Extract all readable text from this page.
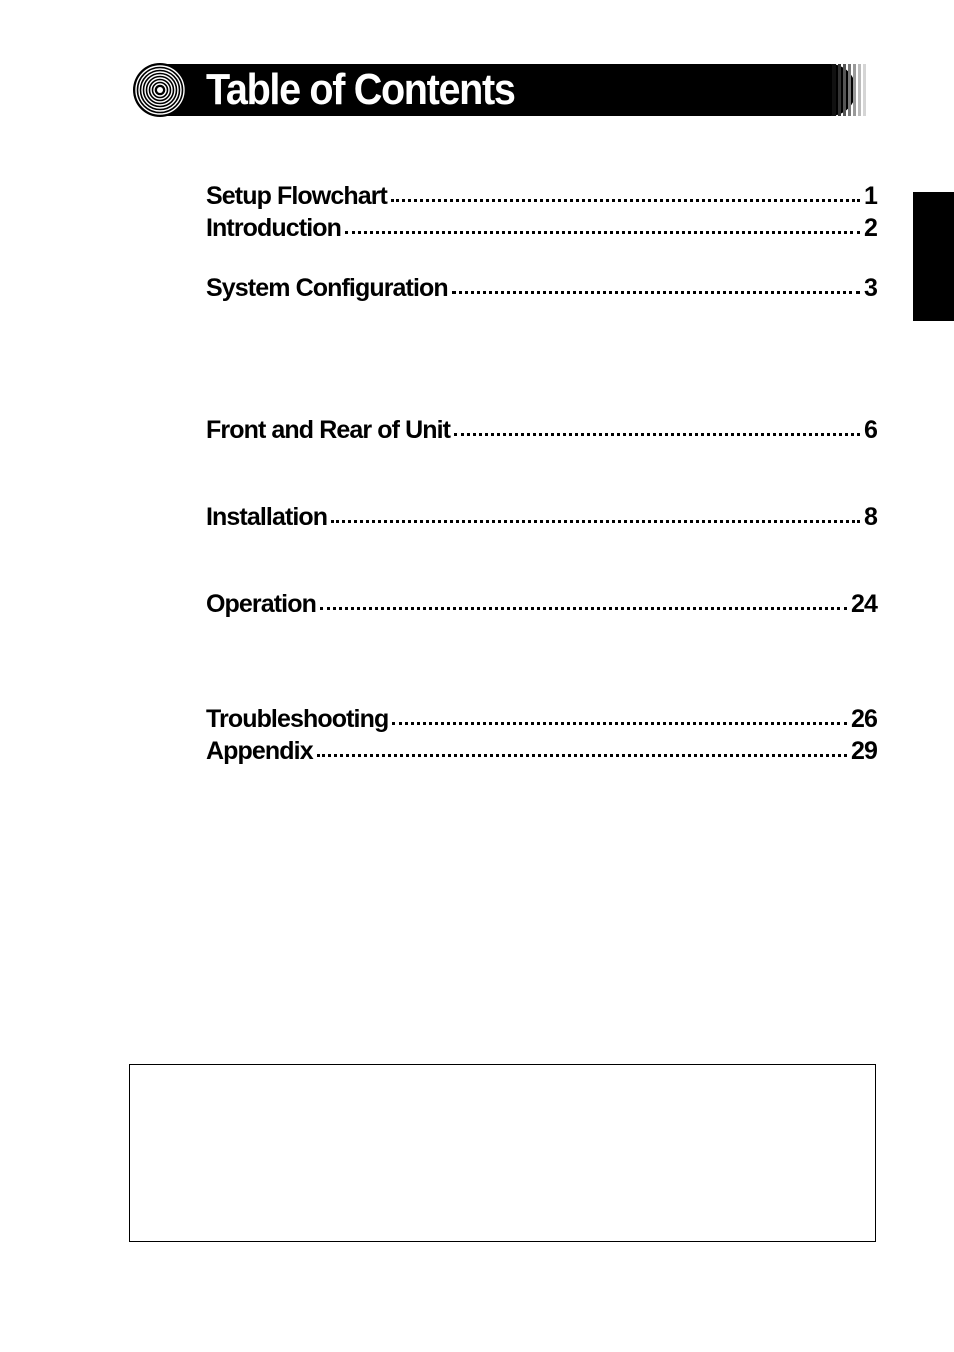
Table of Contents
Setup Flowchart	1
Introduction	2
System Configuration	3
Front and Rear of Unit	6
Installation	8
Operation	24
Troubleshooting	26
Appendix	29
